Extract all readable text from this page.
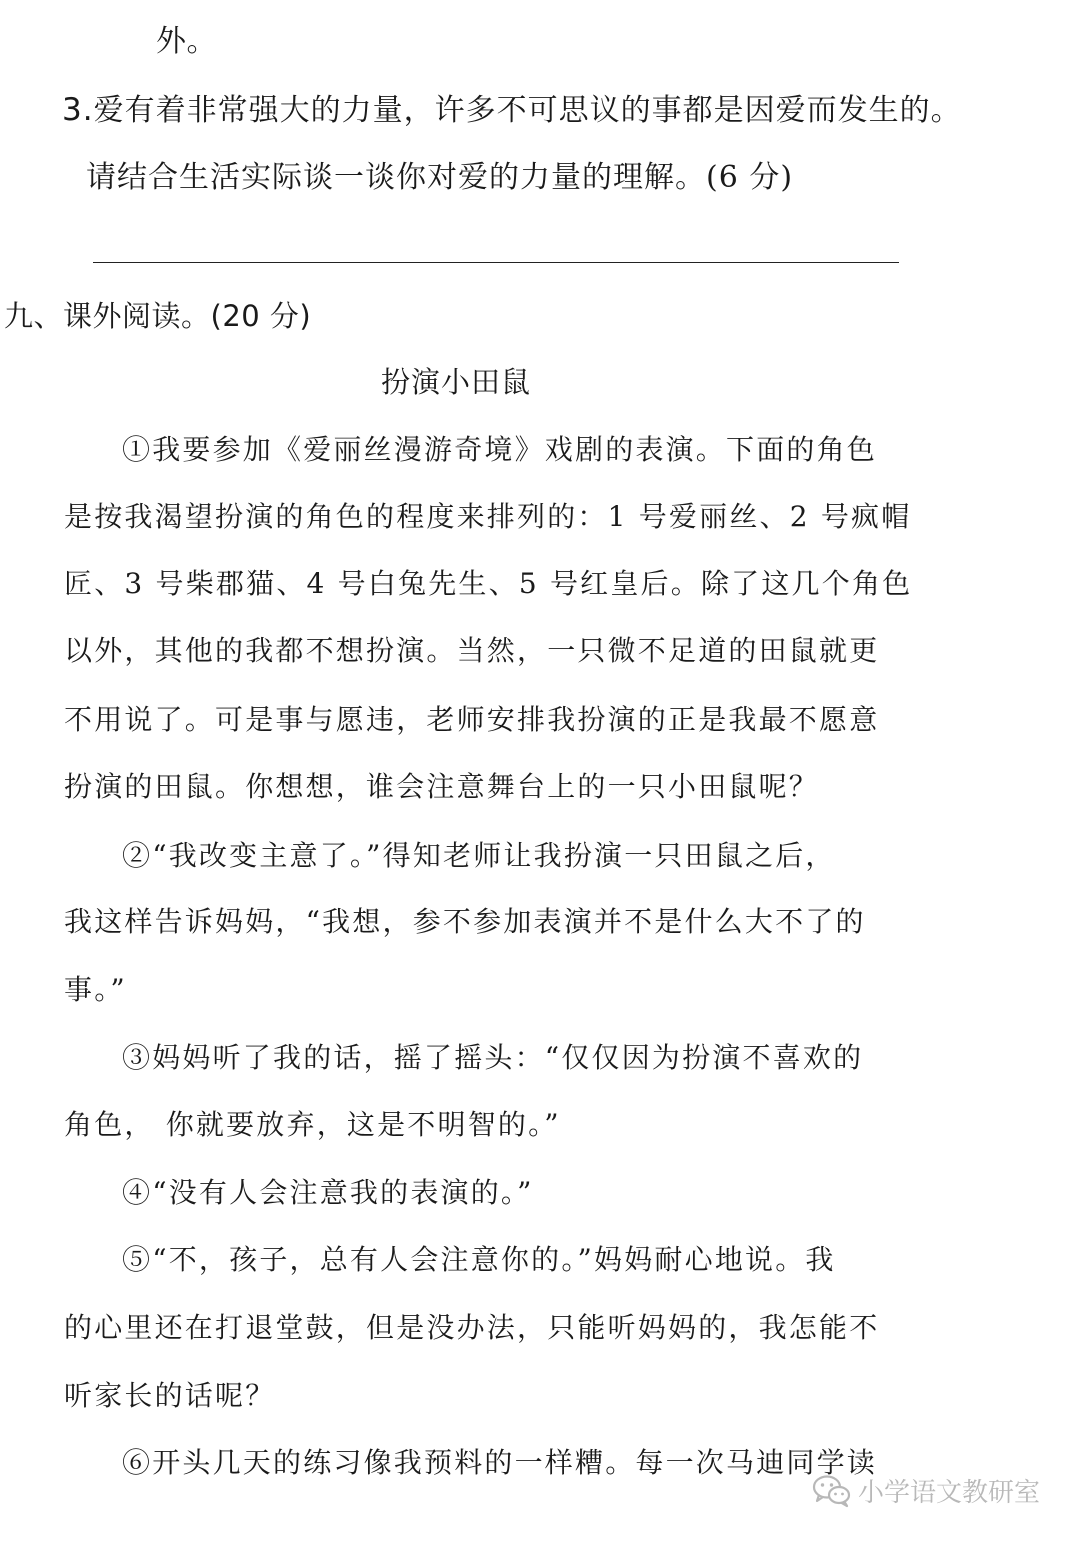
外。
3.爱有着非常强大的力量，许多不可思议的事都是因爱而发生的。
请结合生活实际谈一谈你对爱的力量的理解。(6 分)
九、课外阅读。(20 分)
扮演小田鼠
①我要参加《爱丽丝漫游奇境》戏剧的表演。下面的角色
是按我渴望扮演的角色的程度来排列的：1 号爱丽丝、2 号疯帽
匠、3 号柴郡猫、4 号白兔先生、5 号红皇后。除了这几个角色
以外，其他的我都不想扮演。当然，一只微不足道的田鼠就更
不用说了。可是事与愿违，老师安排我扮演的正是我最不愿意
扮演的田鼠。你想想，谁会注意舞台上的一只小田鼠呢？
②“我改变主意了。”得知老师让我扮演一只田鼠之后，
我这样告诉妈妈，“我想，参不参加表演并不是什么大不了的
事。”
③妈妈听了我的话，摇了摇头：“仅仅因为扮演不喜欢的
角色， 你就要放弃，这是不明智的。”
④“没有人会注意我的表演的。”
⑤“不，孩子，总有人会注意你的。”妈妈耐心地说。我
的心里还在打退堂鼓，但是没办法，只能听妈妈的，我怎能不
听家长的话呢？
⑥开头几天的练习像我预料的一样糟。每一次马迪同学读
小学语文教研室
